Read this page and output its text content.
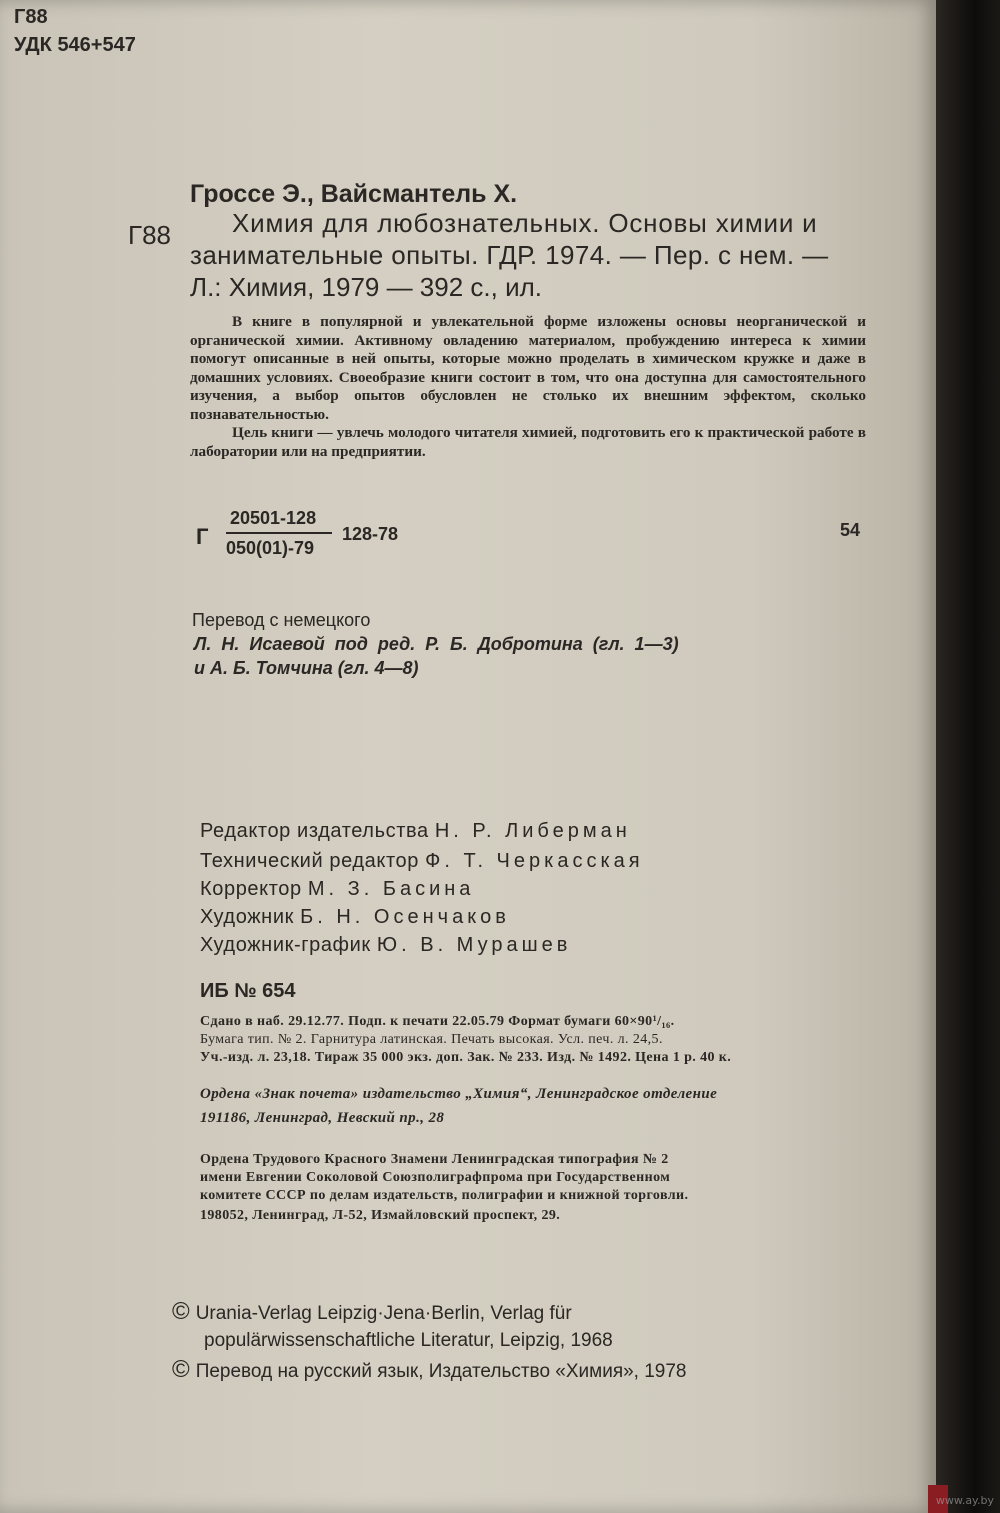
Г88
УДК 546+547
Гроссе Э., Вайсмантель Х.
Г88 Химия для любознательных. Основы химии и
занимательные опыты. ГДР. 1974. — Пер. с нем. —
Л.: Химия, 1979 — 392 с., ил.

В книге в популярной и увлекательной форме изложены основы неорганической и органической химии. Активному овладению материалом, пробуждению интереса к химии помогут описанные в ней опыты, которые можно проделать в химическом кружке и даже в домашних условиях. Своеобразие книги состоит в том, что она доступна для самостоятельного изучения, а выбор опытов обусловлен не столько их внешним эффектом, сколько познавательностью.

Цель книги — увлечь молодого читателя химией, подготовить его к практической работе в лаборатории или на предприятии.

Г
20501-128
050(01)-79
128-78	54
Перевод с немецкого
Л. Н. Исаевой под ред. Р. Б. Добротина (гл. 1—3)
и А. Б. Томчина (гл. 4—8)
Редактор издательства Н. Р. Либерман
Технический редактор Ф. Т. Черкасская
Корректор М. З. Басина
Художник Б. Н. Осенчаков
Художник-график Ю. В. Мурашев
ИБ № 654
Сдано в наб. 29.12.77. Подп. к печати 22.05.79 Формат бумаги 60×90¹/₁₆.
Бумага тип. № 2. Гарнитура латинская. Печать высокая. Усл. печ. л. 24,5.
Уч.-изд. л. 23,18. Тираж 35 000 экз. доп. Зак. № 233. Изд. № 1492. Цена 1 р. 40 к.
Ордена «Знак почета» издательство „Химия“, Ленинградское отделение
191186, Ленинград, Невский пр., 28
Ордена Трудового Красного Знамени Ленинградская типография № 2
имени Евгении Соколовой Союзполиграфпрома при Государственном
комитете СССР по делам издательств, полиграфии и книжной торговли.
198052, Ленинград, Л-52, Измайловский проспект, 29.
© Urania-Verlag Leipzig·Jena·Berlin, Verlag für
populärwissenschaftliche Literatur, Leipzig, 1968
© Перевод на русский язык, Издательство «Химия», 1978
www.ay.by
